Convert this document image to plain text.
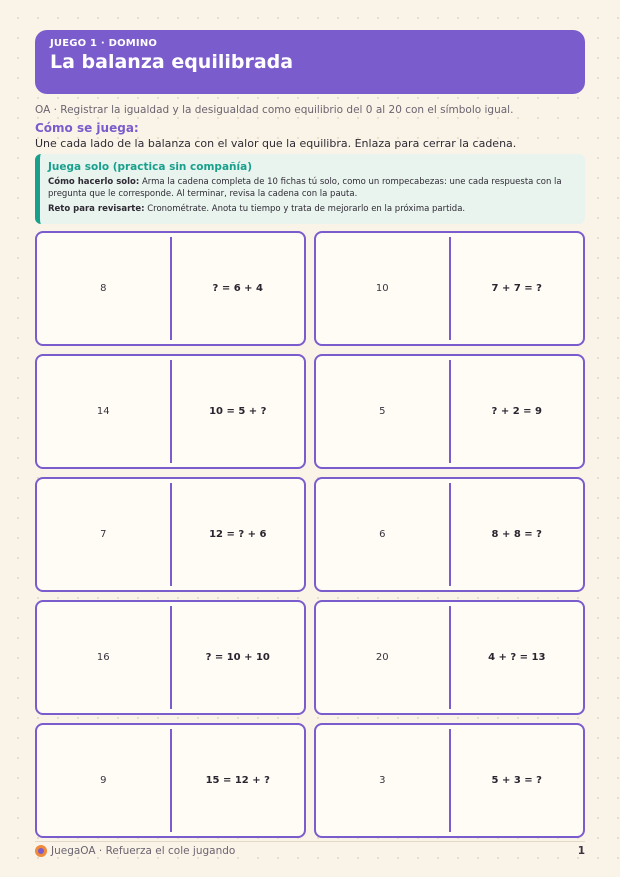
JUEGO 1 · DOMINO
La balanza equilibrada
OA · Registrar la igualdad y la desigualdad como equilibrio del 0 al 20 con el símbolo igual.
Cómo se juega:
Une cada lado de la balanza con el valor que la equilibra. Enlaza para cerrar la cadena.
Juega solo (practica sin compañía)

Cómo hacerlo solo: Arma la cadena completa de 10 fichas tú solo, como un rompecabezas: une cada respuesta con la pregunta que le corresponde. Al terminar, revisa la cadena con la pauta.

Reto para revisarte: Cronométrate. Anota tu tiempo y trata de mejorarlo en la próxima partida.

8	? = 6 + 4	10	7 + 7 = ?
14	10 = 5 + ?	5	? + 2 = 9
7	12 = ? + 6	6	8 + 8 = ?
16	? = 10 + 10	20	4 + ? = 13
9	15 = 12 + ?	3	5 + 3 = ?
JuegaOA · Refuerza el cole jugando	1
